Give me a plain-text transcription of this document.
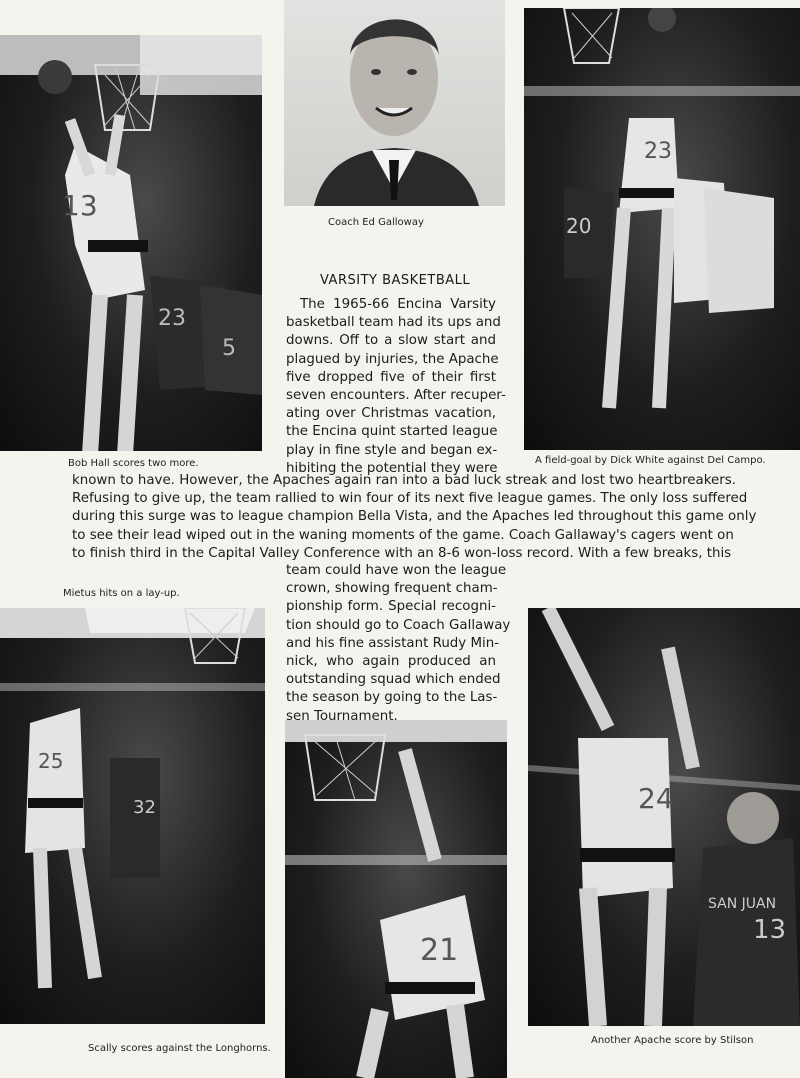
13
23
5
23
20
25
32
21
24
SAN JUAN
13
Coach Ed Galloway
Bob Hall scores two more.	A field-goal by Dick White against Del Campo.
Mietus hits on a lay-up.
Scally scores against the Longhorns.
Another Apache score by Stilson
VARSITY BASKETBALL
The 1965-66 Encina Varsity
basketball team had its ups and
downs. Off to a slow start and
plagued by injuries, the Apache
five dropped five of their first
seven encounters. After recuper-
ating over Christmas vacation,
the Encina quint started league
play in fine style and began ex-
hibiting the potential they were
known to have. However, the Apaches again ran into a bad luck streak and lost two heartbreakers.
Refusing to give up, the team rallied to win four of its next five league games. The only loss suffered
during this surge was to league champion Bella Vista, and the Apaches led throughout this game only
to see their lead wiped out in the waning moments of the game. Coach Gallaway's cagers went on
to finish third in the Capital Valley Conference with an 8-6 won-loss record. With a few breaks, this
team could have won the league
crown, showing frequent cham-
pionship form. Special recogni-
tion should go to Coach Gallaway
and his fine assistant Rudy Min-
nick, who again produced an
outstanding squad which ended
the season by going to the Las-
sen Tournament.
